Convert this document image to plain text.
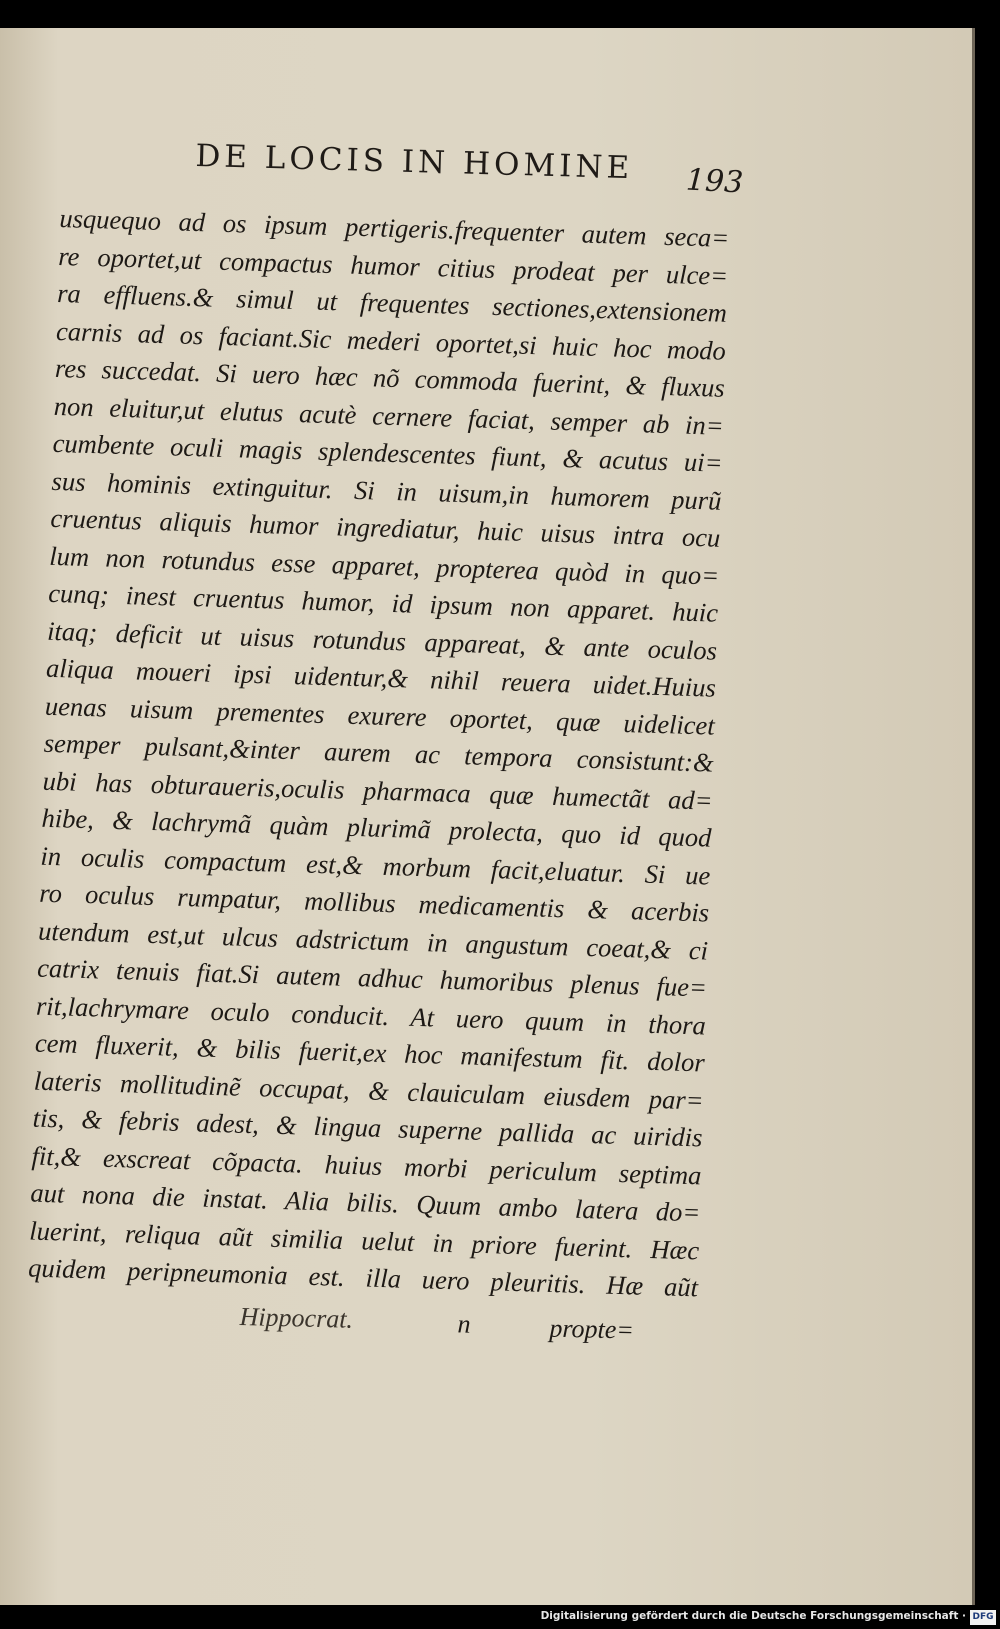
DE LOCIS IN HOMINE	193
usquequo ad os ipsum pertigeris.frequenter autem seca=
re oportet,ut compactus humor citius prodeat per ulce=
ra effluens.& simul ut frequentes sectiones,extensionem
carnis ad os faciant.Sic mederi oportet,si huic hoc modo
res succedat. Si uero hæc nõ commoda fuerint, & fluxus
non eluitur,ut elutus acutè cernere faciat, semper ab in=
cumbente oculi magis splendescentes fiunt, & acutus ui=
sus hominis extinguitur. Si in uisum,in humorem purũ
cruentus aliquis humor ingrediatur, huic uisus intra ocu
lum non rotundus esse apparet, propterea quòd in quo=
cunq; inest cruentus humor, id ipsum non apparet. huic
itaq; deficit ut uisus rotundus appareat, & ante oculos
aliqua moueri ipsi uidentur,& nihil reuera uidet.Huius
uenas uisum prementes exurere oportet, quæ uidelicet
semper pulsant,&inter aurem ac tempora consistunt:&
ubi has obturaueris,oculis pharmaca quæ humectãt ad=
hibe, & lachrymã quàm plurimã prolecta, quo id quod
in oculis compactum est,& morbum facit,eluatur. Si ue
ro oculus rumpatur, mollibus medicamentis & acerbis
utendum est,ut ulcus adstrictum in angustum coeat,& ci
catrix tenuis fiat.Si autem adhuc humoribus plenus fue=
rit,lachrymare oculo conducit. At uero quum in thora
cem fluxerit, & bilis fuerit,ex hoc manifestum fit. dolor
lateris mollitudinẽ occupat, & clauiculam eiusdem par=
tis, & febris adest, & lingua superne pallida ac uiridis
fit,& exscreat cõpacta. huius morbi periculum septima
aut nona die instat. Alia bilis. Quum ambo latera do=
luerint, reliqua aũt similia uelut in priore fuerint. Hæc
quidem peripneumonia est. illa uero pleuritis. Hæ aũt
Hippocrat.	n	propte=
Digitalisierung gefördert durch die Deutsche Forschungsgemeinschaft · DFG
